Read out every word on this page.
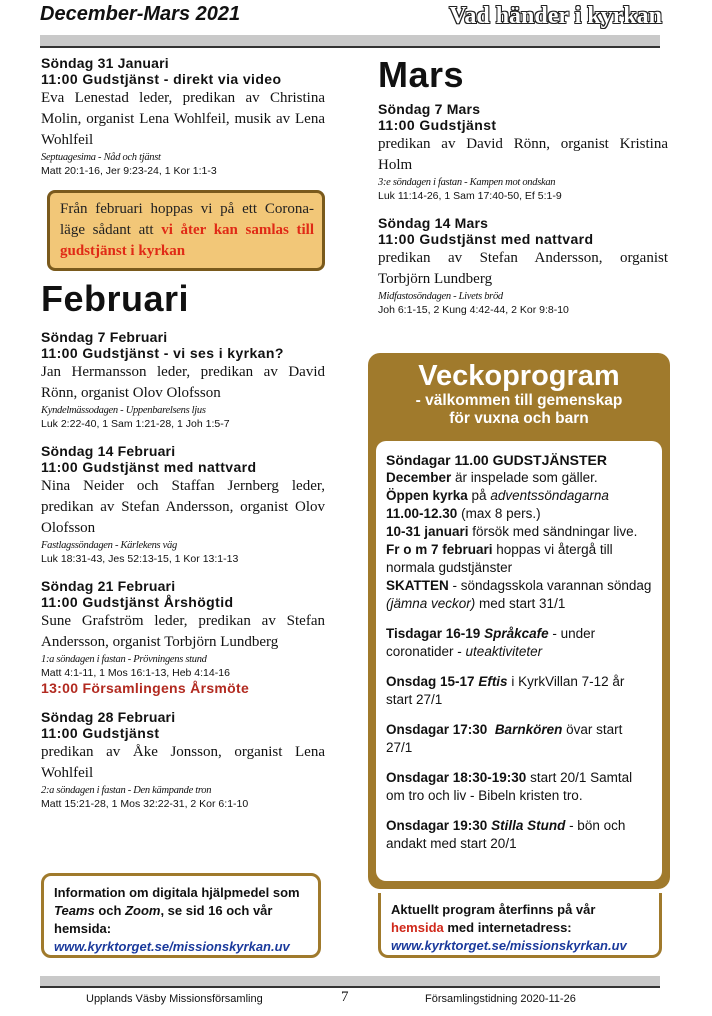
December-Mars 2021	Vad händer i kyrkan
Söndag 31 Januari
11:00 Gudstjänst - direkt via video
Eva Lenestad leder, predikan av Christina Molin, organist Lena Wohlfeil, musik av Lena Wohlfeil
Septuagesima - Nåd och tjänst
Matt 20:1-16, Jer 9:23-24, 1 Kor 1:1-3
Från februari hoppas vi på ett Corona-läge sådant att vi åter kan samlas till gudstjänst i kyrkan
Februari
Söndag 7 Februari
11:00 Gudstjänst - vi ses i kyrkan?
Jan Hermansson leder, predikan av David Rönn, organist Olov Olofsson
Kyndelmässodagen - Uppenbarelsens ljus
Luk 2:22-40, 1 Sam 1:21-28, 1 Joh 1:5-7
Söndag 14 Februari
11:00 Gudstjänst med nattvard
Nina Neider och Staffan Jernberg leder, predikan av Stefan Andersson, organist Olov Olofsson
Fastlagssöndagen - Kärlekens väg
Luk 18:31-43, Jes 52:13-15, 1 Kor 13:1-13
Söndag 21 Februari
11:00 Gudstjänst Årshögtid
Sune Grafström leder, predikan av Stefan Andersson, organist Torbjörn Lundberg
1:a söndagen i fastan - Prövningens stund
Matt 4:1-11, 1 Mos 16:1-13, Heb 4:14-16
13:00 Församlingens Årsmöte
Söndag 28 Februari
11:00 Gudstjänst
predikan av Åke Jonsson, organist Lena Wohlfeil
2:a söndagen i fastan - Den kämpande tron
Matt 15:21-28, 1 Mos 32:22-31, 2 Kor 6:1-10
Mars
Söndag 7 Mars
11:00 Gudstjänst
predikan av David Rönn, organist Kristina Holm
3:e söndagen i fastan - Kampen mot ondskan
Luk 11:14-26, 1 Sam 17:40-50, Ef 5:1-9
Söndag 14 Mars
11:00 Gudstjänst med nattvard
predikan av Stefan Andersson, organist Torbjörn Lundberg
Midfastosöndagen - Livets bröd
Joh 6:1-15, 2 Kung 4:42-44, 2 Kor 9:8-10
Veckoprogram
- välkommen till gemenskap
för vuxna och barn

Söndagar 11.00 GUDSTJÄNSTER

December är inspelade som gäller.

Öppen kyrka på adventssöndagarna
11.00-12.30 (max 8 pers.)

10-31 januari försök med sändningar live.

Fr o m 7 februari hoppas vi återgå till normala gudstjänster

SKATTEN - söndagsskola varannan söndag (jämna veckor) med start 31/1

Tisdagar 16-19 Språkcafe - under coronatider - uteaktiviteter

Onsdag 15-17 Eftis i KyrkVillan 7-12 år start 27/1

Onsdagar 17:30 Barnkören övar start 27/1

Onsdagar 18:30-19:30 start 20/1 Samtal om tro och liv - Bibeln kristen tro.

Onsdagar 19:30 Stilla Stund - bön och andakt med start 20/1

Information om digitala hjälpmedel som Teams och Zoom, se sid 16 och vår hemsida:
www.kyrktorget.se/missionskyrkan.uv
Aktuellt program återfinns på vår hemsida med internetadress:
www.kyrktorget.se/missionskyrkan.uv
Upplands Väsby Missionsförsamling	7	Församlingstidning 2020-11-26
